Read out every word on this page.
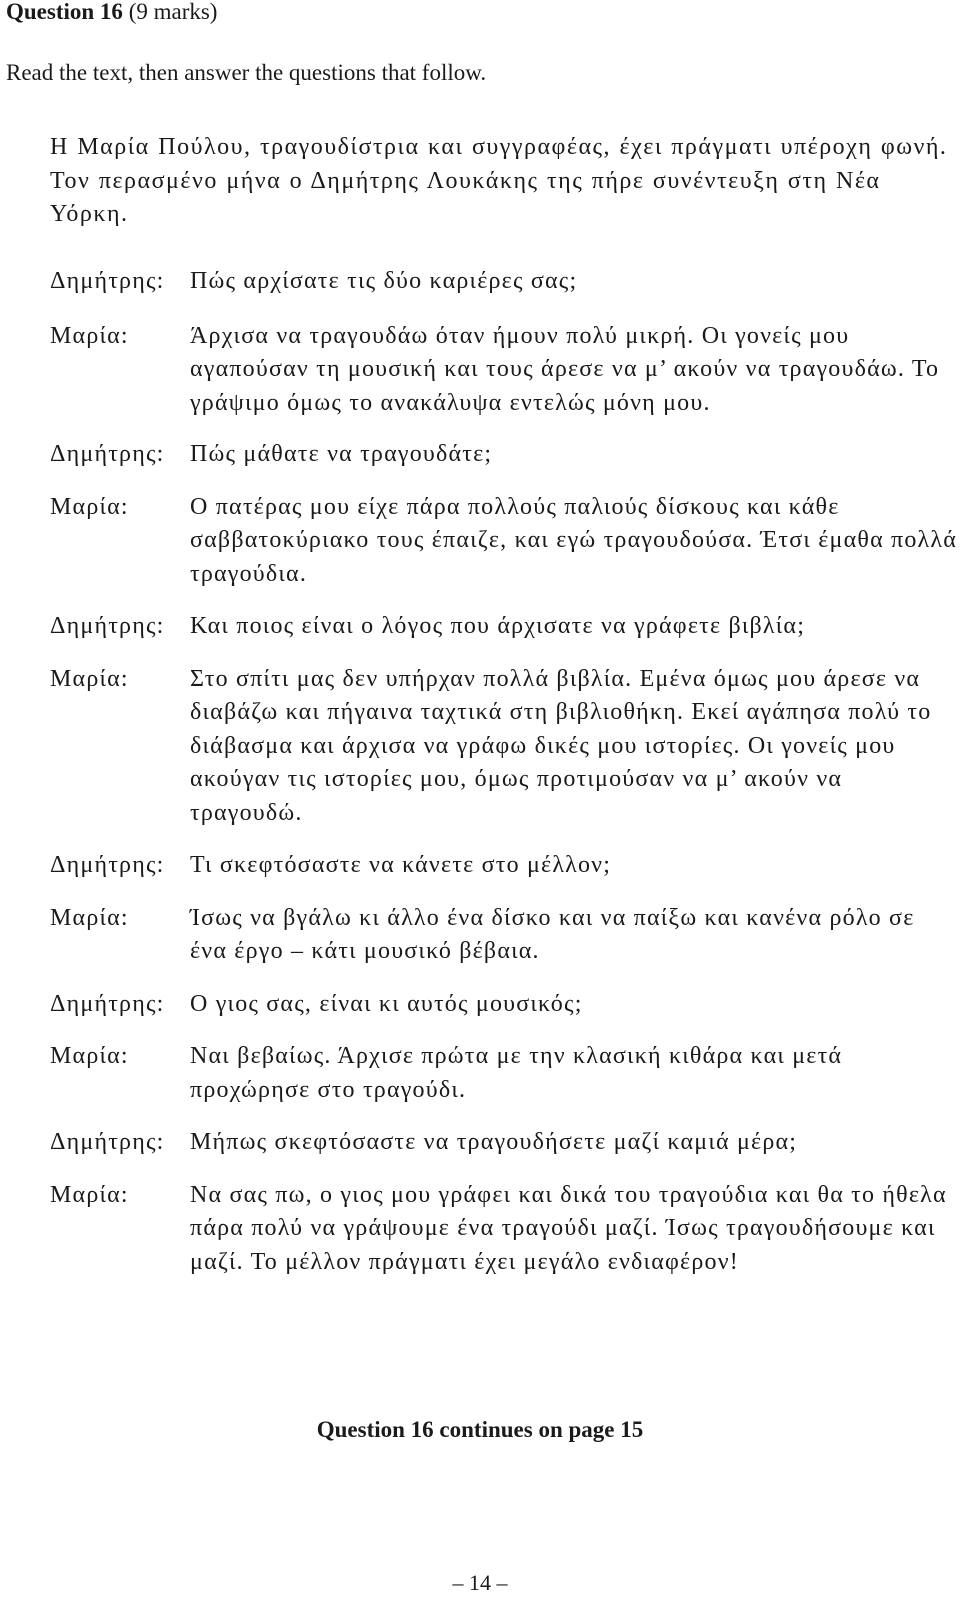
Question 16 (9 marks)
Read the text, then answer the questions that follow.
Η Μαρία Πούλου, τραγουδίστρια και συγγραφέας, έχει πράγματι υπέροχη φωνή. Τον περασμένο μήνα ο Δημήτρης Λουκάκης της πήρε συνέντευξη στη Νέα Υόρκη.
Δημήτρης:	Πώς αρχίσατε τις δύο καριέρες σας;
Μαρία:	Άρχισα να τραγουδάω όταν ήμουν πολύ μικρή. Οι γονείς μου αγαπούσαν τη μουσική και τους άρεσε να μ’ ακούν να τραγουδάω. Το γράψιμο όμως το ανακάλυψα εντελώς μόνη μου.
Δημήτρης:	Πώς μάθατε να τραγουδάτε;
Μαρία:	Ο πατέρας μου είχε πάρα πολλούς παλιούς δίσκους και κάθε σαββατοκύριακο τους έπαιζε, και εγώ τραγουδούσα. Έτσι έμαθα πολλά τραγούδια.
Δημήτρης:	Και ποιος είναι ο λόγος που άρχισατε να γράφετε βιβλία;
Μαρία:	Στο σπίτι μας δεν υπήρχαν πολλά βιβλία. Εμένα όμως μου άρεσε να διαβάζω και πήγαινα ταχτικά στη βιβλιοθήκη. Εκεί αγάπησα πολύ το διάβασμα και άρχισα να γράφω δικές μου ιστορίες. Οι γονείς μου ακούγαν τις ιστορίες μου, όμως προτιμούσαν να μ’ ακούν να τραγουδώ.
Δημήτρης:	Τι σκεφτόσαστε να κάνετε στο μέλλον;
Μαρία:	Ίσως να βγάλω κι άλλο ένα δίσκο και να παίξω και κανένα ρόλο σε ένα έργο – κάτι μουσικό βέβαια.
Δημήτρης:	Ο γιος σας, είναι κι αυτός μουσικός;
Μαρία:	Ναι βεβαίως. Άρχισε πρώτα με την κλασική κιθάρα και μετά προχώρησε στο τραγούδι.
Δημήτρης:	Μήπως σκεφτόσαστε να τραγουδήσετε μαζί καμιά μέρα;
Μαρία:	Να σας πω, ο γιος μου γράφει και δικά του τραγούδια και θα το ήθελα πάρα πολύ να γράψουμε ένα τραγούδι μαζί. Ίσως τραγουδήσουμε και μαζί. Το μέλλον πράγματι έχει μεγάλο ενδιαφέρον!
Question 16 continues on page 15
– 14 –
